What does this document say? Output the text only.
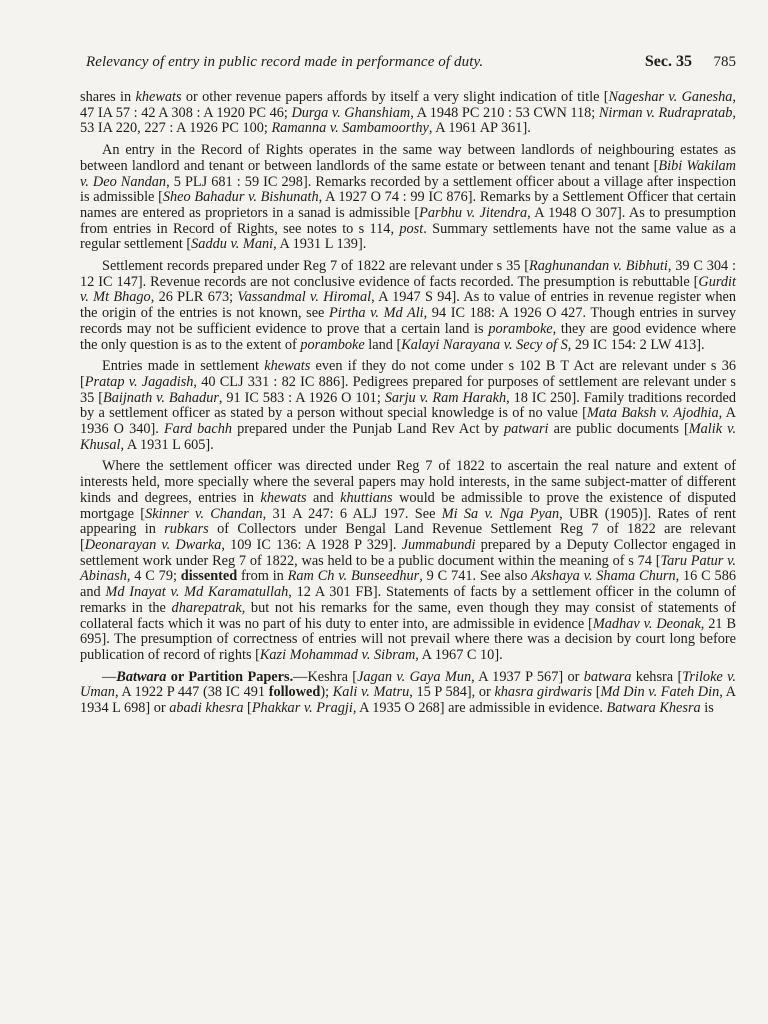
Relevancy of entry in public record made in performance of duty.	Sec. 35 785

shares in khewats or other revenue papers affords by itself a very slight indication of title [Nageshar v. Ganesha, 47 IA 57 : 42 A 308 : A 1920 PC 46; Durga v. Ghanshiam, A 1948 PC 210 : 53 CWN 118; Nirman v. Rudrapratab, 53 IA 220, 227 : A 1926 PC 100; Ramanna v. Sambamoorthy, A 1961 AP 361].

An entry in the Record of Rights operates in the same way between landlords of neighbouring estates as between landlord and tenant or between landlords of the same estate or between tenant and tenant [Bibi Wakilam v. Deo Nandan, 5 PLJ 681 : 59 IC 298]. Remarks recorded by a settlement officer about a village after inspection is admissible [Sheo Bahadur v. Bishunath, A 1927 O 74 : 99 IC 876]. Remarks by a Settlement Officer that certain names are entered as proprietors in a sanad is admissible [Parbhu v. Jitendra, A 1948 O 307]. As to presumption from entries in Record of Rights, see notes to s 114, post. Summary settlements have not the same value as a regular settlement [Saddu v. Mani, A 1931 L 139].

Settlement records prepared under Reg 7 of 1822 are relevant under s 35 [Raghunandan v. Bibhuti, 39 C 304 : 12 IC 147]. Revenue records are not conclusive evidence of facts recorded. The presumption is rebuttable [Gurdit v. Mt Bhago, 26 PLR 673; Vassandmal v. Hiromal, A 1947 S 94]. As to value of entries in revenue register when the origin of the entries is not known, see Pirtha v. Md Ali, 94 IC 188: A 1926 O 427. Though entries in survey records may not be sufficient evidence to prove that a certain land is poramboke, they are good evidence where the only question is as to the extent of poramboke land [Kalayi Narayana v. Secy of S, 29 IC 154: 2 LW 413].

Entries made in settlement khewats even if they do not come under s 102 B T Act are relevant under s 36 [Pratap v. Jagadish, 40 CLJ 331 : 82 IC 886]. Pedigrees prepared for purposes of settlement are relevant under s 35 [Baijnath v. Bahadur, 91 IC 583 : A 1926 O 101; Sarju v. Ram Harakh, 18 IC 250]. Family traditions recorded by a settlement officer as stated by a person without special knowledge is of no value [Mata Baksh v. Ajodhia, A 1936 O 340]. Fard bachh prepared under the Punjab Land Rev Act by patwari are public documents [Malik v. Khusal, A 1931 L 605].

Where the settlement officer was directed under Reg 7 of 1822 to ascertain the real nature and extent of interests held, more specially where the several papers may hold interests, in the same subject-matter of different kinds and degrees, entries in khewats and khuttians would be admissible to prove the existence of disputed mortgage [Skinner v. Chandan, 31 A 247: 6 ALJ 197. See Mi Sa v. Nga Pyan, UBR (1905)]. Rates of rent appearing in rubkars of Collectors under Bengal Land Revenue Settlement Reg 7 of 1822 are relevant [Deonarayan v. Dwarka, 109 IC 136: A 1928 P 329]. Jummabundi prepared by a Deputy Collector engaged in settlement work under Reg 7 of 1822, was held to be a public document within the meaning of s 74 [Taru Patur v. Abinash, 4 C 79; dissented from in Ram Ch v. Bunseedhur, 9 C 741. See also Akshaya v. Shama Churn, 16 C 586 and Md Inayat v. Md Karamatullah, 12 A 301 FB]. Statements of facts by a settlement officer in the column of remarks in the dharepatrak, but not his remarks for the same, even though they may consist of statements of collateral facts which it was no part of his duty to enter into, are admissible in evidence [Madhav v. Deonak, 21 B 695]. The presumption of correctness of entries will not prevail where there was a decision by court long before publication of record of rights [Kazi Mohammad v. Sibram, A 1967 C 10].

—Batwara or Partition Papers.—Keshra [Jagan v. Gaya Mun, A 1937 P 567] or batwara kehsra [Triloke v. Uman, A 1922 P 447 (38 IC 491 followed); Kali v. Matru, 15 P 584], or khasra girdwaris [Md Din v. Fateh Din, A 1934 L 698] or abadi khesra [Phakkar v. Pragji, A 1935 O 268] are admissible in evidence. Batwara Khesra is
